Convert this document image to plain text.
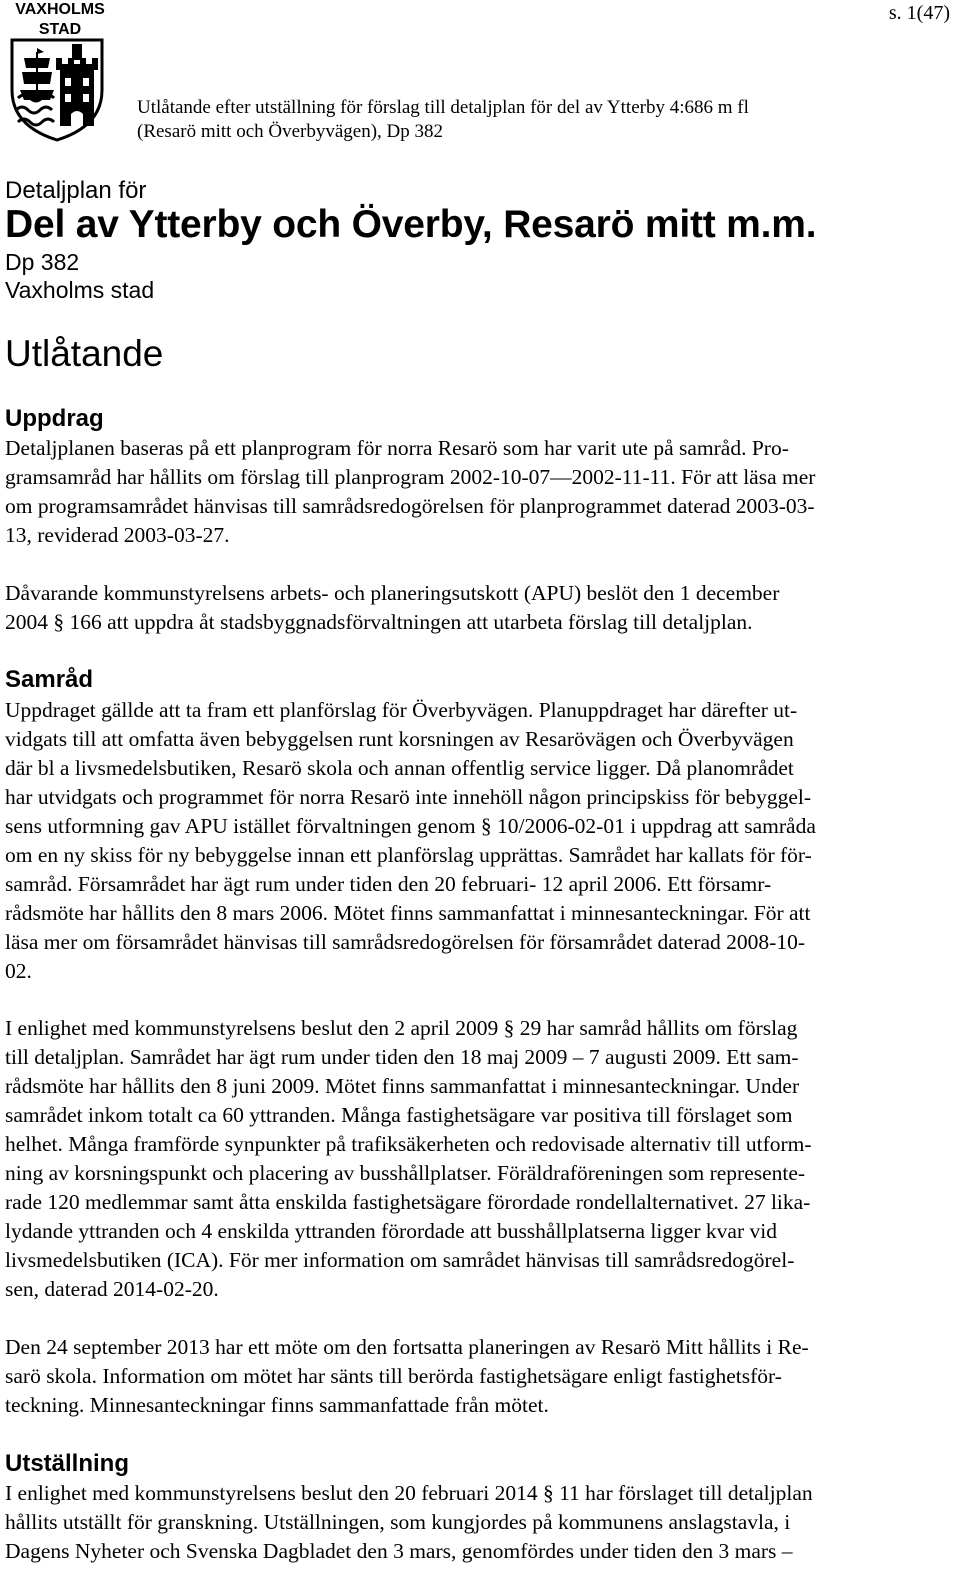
VAXHOLMS
STAD
s. 1(47)
Utlåtande efter utställning för förslag till detaljplan för del av Ytterby 4:686 m fl
(Resarö mitt och Överbyvägen), Dp 382
Detaljplan för
Del av Ytterby och Överby, Resarö mitt m.m.
Dp 382
Vaxholms stad
Utlåtande
Uppdrag
Detaljplanen baseras på ett planprogram för norra Resarö som har varit ute på samråd. Pro-
gramsamråd har hållits om förslag till planprogram 2002-10-07—2002-11-11. För att läsa mer
om programsamrådet hänvisas till samrådsredogörelsen för planprogrammet daterad 2003-03-
13, reviderad 2003-03-27.
Dåvarande kommunstyrelsens arbets- och planeringsutskott (APU) beslöt den 1 december
2004 § 166 att uppdra åt stadsbyggnadsförvaltningen att utarbeta förslag till detaljplan.
Samråd
Uppdraget gällde att ta fram ett planförslag för Överbyvägen. Planuppdraget har därefter ut-
vidgats till att omfatta även bebyggelsen runt korsningen av Resarövägen och Överbyvägen
där bl a livsmedelsbutiken, Resarö skola och annan offentlig service ligger. Då planområdet
har utvidgats och programmet för norra Resarö inte innehöll någon principskiss för bebyggel-
sens utformning gav APU istället förvaltningen genom § 10/2006-02-01 i uppdrag att samråda
om en ny skiss för ny bebyggelse innan ett planförslag upprättas. Samrådet har kallats för för-
samråd. Församrådet har ägt rum under tiden den 20 februari- 12 april 2006. Ett församr-
rådsmöte har hållits den 8 mars 2006. Mötet finns sammanfattat i minnesanteckningar. För att
läsa mer om församrådet hänvisas till samrådsredogörelsen för församrådet daterad 2008-10-
02.
I enlighet med kommunstyrelsens beslut den 2 april 2009 § 29 har samråd hållits om förslag
till detaljplan. Samrådet har ägt rum under tiden den 18 maj 2009 – 7 augusti 2009. Ett sam-
rådsmöte har hållits den 8 juni 2009. Mötet finns sammanfattat i minnesanteckningar. Under
samrådet inkom totalt ca 60 yttranden. Många fastighetsägare var positiva till förslaget som
helhet. Många framförde synpunkter på trafiksäkerheten och redovisade alternativ till utform-
ning av korsningspunkt och placering av busshållplatser. Föräldraföreningen som represente-
rade 120 medlemmar samt åtta enskilda fastighetsägare förordade rondellalternativet. 27 lika-
lydande yttranden och 4 enskilda yttranden förordade att busshållplatserna ligger kvar vid
livsmedelsbutiken (ICA). För mer information om samrådet hänvisas till samrådsredogörel-
sen, daterad 2014-02-20.
Den 24 september 2013 har ett möte om den fortsatta planeringen av Resarö Mitt hållits i Re-
sarö skola. Information om mötet har sänts till berörda fastighetsägare enligt fastighetsför-
teckning. Minnesanteckningar finns sammanfattade från mötet.
Utställning
I enlighet med kommunstyrelsens beslut den 20 februari 2014 § 11 har förslaget till detaljplan
hållits utställt för granskning. Utställningen, som kungjordes på kommunens anslagstavla, i
Dagens Nyheter och Svenska Dagbladet den 3 mars, genomfördes under tiden den 3 mars –
